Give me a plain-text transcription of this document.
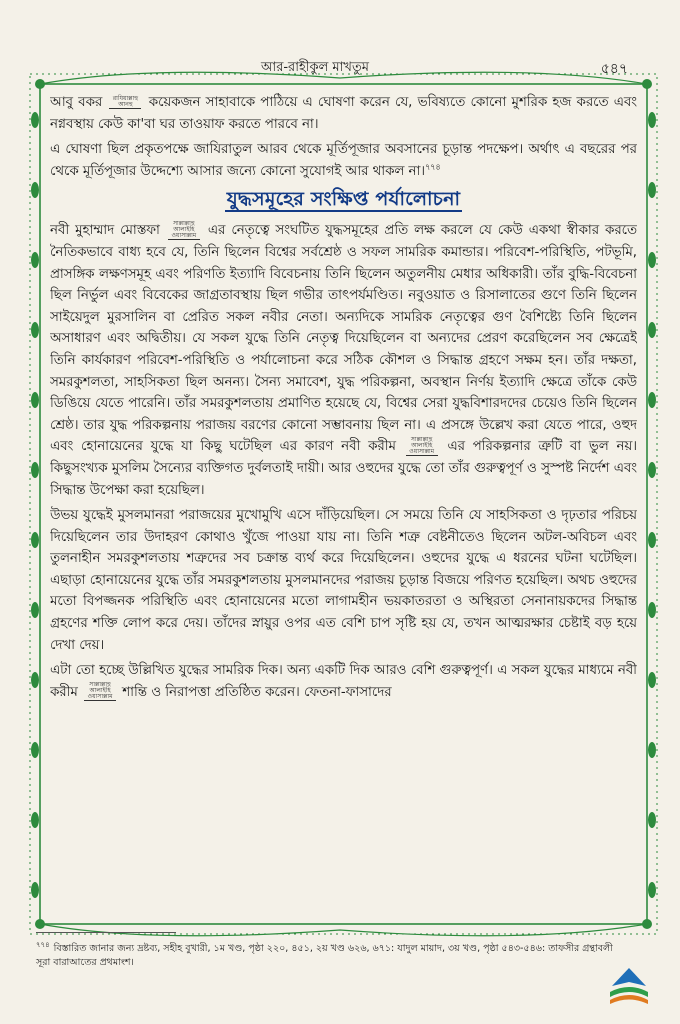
আর-রাহীকুল মাখতুম	৫৪৭

আবু বকর রাযিয়াল্লাহু আনহু কয়েকজন সাহাবাকে পাঠিয়ে এ ঘোষণা করেন যে, ভবিষ্যতে কোনো মুশরিক হজ করতে এবং নগ্নবস্থায় কেউ কা'বা ঘর তাওয়াফ করতে পারবে না।

এ ঘোষণা ছিল প্রকৃতপক্ষে জাযিরাতুল আরব থেকে মূর্তিপূজার অবসানের চূড়ান্ত পদক্ষেপ। অর্থাৎ এ বছরের পর থেকে মূর্তিপূজার উদ্দেশ্যে আসার জন্যে কোনো সুযোগই আর থাকল না।$^{৭৭৪}$

যুদ্ধসমূহের সংক্ষিপ্ত পর্যালোচনা

নবী মুহাম্মাদ মোস্তফা সাল্লাল্লাহু আলাইহি ওয়াসাল্লাম এর নেতৃত্বে সংঘটিত যুদ্ধসমূহের প্রতি লক্ষ করলে যে কেউ একথা স্বীকার করতে নৈতিকভাবে বাধ্য হবে যে, তিনি ছিলেন বিশ্বের সর্বশ্রেষ্ঠ ও সফল সামরিক কমান্ডার। পরিবেশ-পরিস্থিতি, পটভূমি, প্রাসঙ্গিক লক্ষণসমূহ এবং পরিণতি ইত্যাদি বিবেচনায় তিনি ছিলেন অতুলনীয় মেধার অধিকারী। তাঁর বুদ্ধি-বিবেচনা ছিল নির্ভুল এবং বিবেকের জাগ্রতাবস্থায় ছিল গভীর তাৎপর্যমণ্ডিত। নবুওয়াত ও রিসালাতের গুণে তিনি ছিলেন সাইয়েদুল মুরসালিন বা প্রেরিত সকল নবীর নেতা। অন্যদিকে সামরিক নেতৃত্বের গুণ বৈশিষ্ট্যে তিনি ছিলেন অসাধারণ এবং অদ্বিতীয়। যে সকল যুদ্ধে তিনি নেতৃত্ব দিয়েছিলেন বা অন্যদের প্রেরণ করেছিলেন সব ক্ষেত্রেই তিনি কার্যকারণ পরিবেশ-পরিস্থিতি ও পর্যালোচনা করে সঠিক কৌশল ও সিদ্ধান্ত গ্রহণে সক্ষম হন। তাঁর দক্ষতা, সমরকুশলতা, সাহসিকতা ছিল অনন্য। সৈন্য সমাবেশ, যুদ্ধ পরিকল্পনা, অবস্থান নির্ণয় ইত্যাদি ক্ষেত্রে তাঁকে কেউ ডিঙিয়ে যেতে পারেনি। তাঁর সমরকুশলতায় প্রমাণিত হয়েছে যে, বিশ্বের সেরা যুদ্ধবিশারদদের চেয়েও তিনি ছিলেন শ্রেষ্ঠ। তার যুদ্ধ পরিকল্পনায় পরাজয় বরণের কোনো সম্ভাবনায় ছিল না। এ প্রসঙ্গে উল্লেখ করা যেতে পারে, ওহুদ এবং হোনায়েনের যুদ্ধে যা কিছু ঘটেছিল এর কারণ নবী করীম	সাল্লাল্লাহু আলাইহি ওয়াসাল্লাম এর পরিকল্পনার ত্রুটি বা ভুল নয়। কিছুসংখ্যক মুসলিম সৈন্যের ব্যক্তিগত দুর্বলতাই দায়ী। আর ওহুদের যুদ্ধে তো তাঁর গুরুত্বপূর্ণ ও সুস্পষ্ট নির্দেশ এবং সিদ্ধান্ত উপেক্ষা করা হয়েছিল।

উভয় যুদ্ধেই মুসলমানরা পরাজয়ের মুখোমুখি এসে দাঁড়িয়েছিল। সে সময়ে তিনি যে সাহসিকতা ও দৃঢ়তার পরিচয় দিয়েছিলেন তার উদাহরণ কোথাও খুঁজে পাওয়া যায় না। তিনি শত্রু বেষ্টনীতেও ছিলেন অটল-অবিচল এবং তুলনাহীন সমরকুশলতায় শত্রুদের সব চক্রান্ত ব্যর্থ করে দিয়েছিলেন। ওহুদের যুদ্ধে এ ধরনের ঘটনা ঘটেছিল। এছাড়া হোনায়েনের যুদ্ধে তাঁর সমরকুশলতায় মুসলমানদের পরাজয় চূড়ান্ত বিজয়ে পরিণত হয়েছিল। অথচ ওহুদের মতো বিপজ্জনক পরিস্থিতি এবং হোনায়েনের মতো লাগামহীন ভয়কাতরতা ও অস্থিরতা সেনানায়কদের সিদ্ধান্ত গ্রহণের শক্তি লোপ করে দেয়। তাঁদের স্নায়ুর ওপর এত বেশি চাপ সৃষ্টি হয় যে, তখন আত্মরক্ষার চেষ্টাই বড় হয়ে দেখা দেয়।

এটা তো হচ্ছে উল্লিখিত যুদ্ধের সামরিক দিক। অন্য একটি দিক আরও বেশি গুরুত্বপূর্ণ। এ সকল যুদ্ধের মাধ্যমে নবী করীম সাল্লাল্লাহু আলাইহি ওয়াসাল্লাম শান্তি ও নিরাপত্তা প্রতিষ্ঠিত করেন। ফেতনা-ফাসাদের

$^{৭৭৪}$ বিস্তারিত জানার জন্য দ্রষ্টব্য, সহীহ বুখারী, ১ম খণ্ড, পৃষ্ঠা ২২০, ৪৫১, ২য় খণ্ড ৬২৬, ৬৭১: যাদুল মায়াদ, ৩য় খণ্ড, পৃষ্ঠা ৫৪৩-৫৪৬: তাফসীর গ্রন্থাবলী সূরা বারাআতের প্রথমাংশ।
